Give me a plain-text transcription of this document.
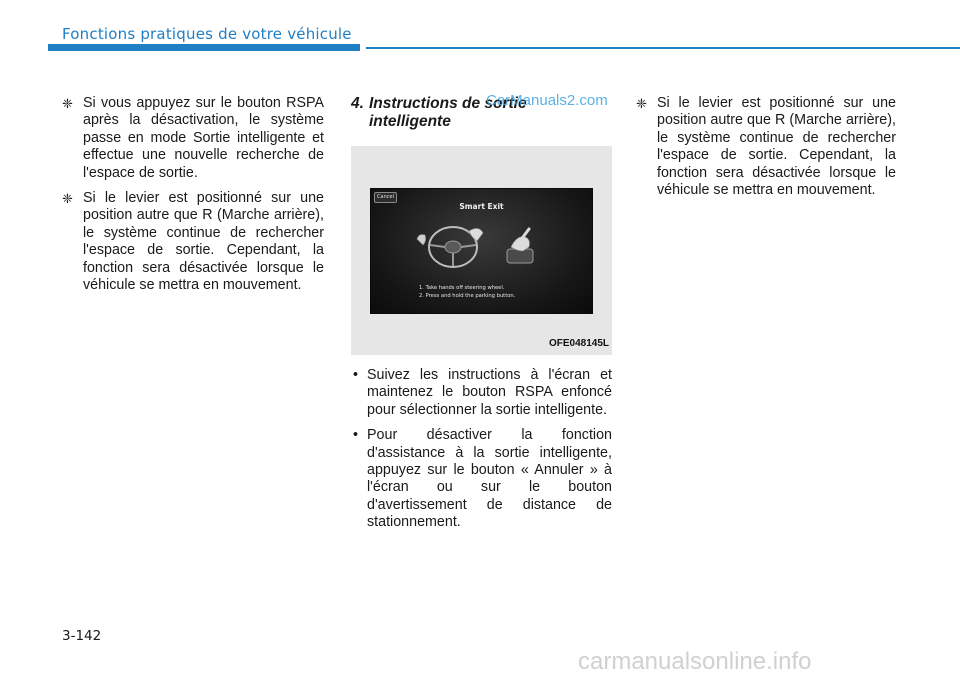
Fonctions pratiques de votre véhicule

❈ Si vous appuyez sur le bouton RSPA après la désactivation, le système passe en mode Sortie intelligente et effectue une nouvelle recherche de l'espace de sortie.

❈ Si le levier est positionné sur une position autre que R (Marche arrière), le système continue de rechercher l'espace de sortie. Cependant, la fonction sera désactivée lorsque le véhicule se mettra en mouvement.

4. Instructions de sortie intelligente
Cancel
Smart Exit
1. Take hands off steering wheel.
2. Press and hold the parking button.
OFE048145L

• Suivez les instructions à l'écran et maintenez le bouton RSPA enfoncé pour sélectionner la sortie intelligente.

• Pour désactiver la fonction d'assistance à la sortie intelligente, appuyez sur le bouton « Annuler » à l'écran ou sur le bouton d'avertissement de distance de stationnement.

❈ Si le levier est positionné sur une position autre que R (Marche arrière), le système continue de rechercher l'espace de sortie. Cependant, la fonction sera désactivée lorsque le véhicule se mettra en mouvement.

CarManuals2.com
3-142
carmanualsonline.info
